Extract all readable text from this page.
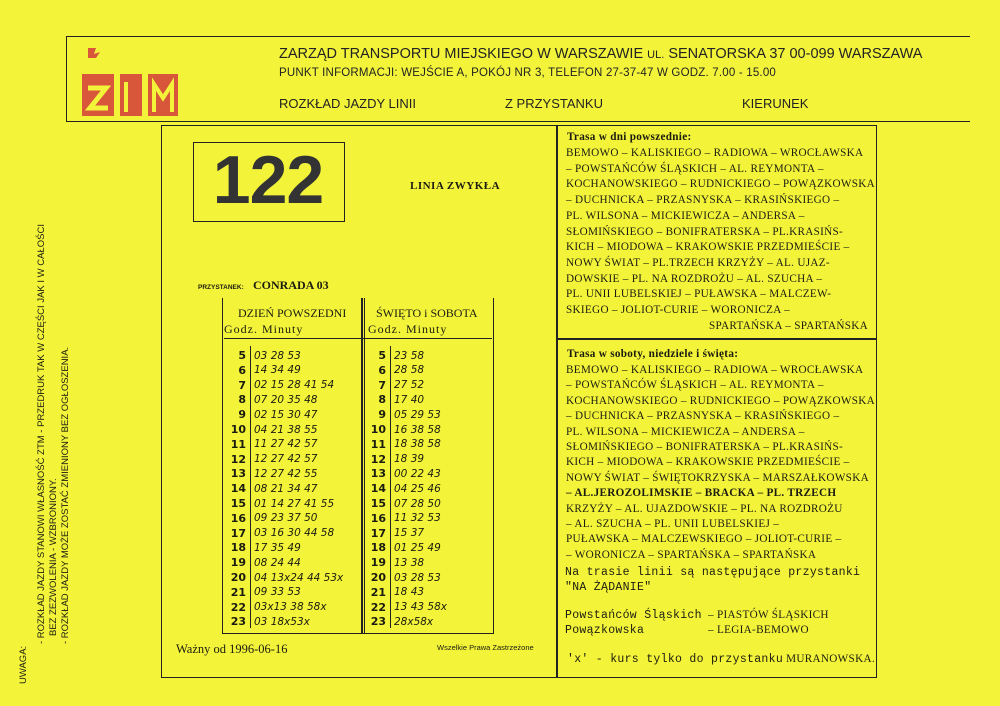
ZARZĄD TRANSPORTU MIEJSKIEGO W WARSZAWIE UL. SENATORSKA 37 00-099 WARSZAWA
PUNKT INFORMACJI: WEJŚCIE A, POKÓJ NR 3, TELEFON 27-37-47 W GODZ. 7.00 - 15.00
ROZKŁAD JAZDY LINII	Z PRZYSTANKU	KIERUNEK
122	LINIA ZWYKŁA
PRZYSTANEK: CONRADA 03
DZIEŃ POWSZEDNI
Godz. Minuty
ŚWIĘTO i SOBOTA
Godz. Minuty
5 03 28 53
6 14 34 49
7 02 15 28 41 54
8 07 20 35 48
9 02 15 30 47
10 04 21 38 55
11 11 27 42 57
12 12 27 42 57
13 12 27 42 55
14 08 21 34 47
15 01 14 27 41 55
16 09 23 37 50
17 03 16 30 44 58
18 17 35 49
19 08 24 44
20 04 13x24 44 53x
21 09 33 53
22 03x13 38 58x
23 03 18x53x
5 23 58
6 28 58
7 27 52
8 17 40
9 05 29 53
10 16 38 58
11 18 38 58
12 18 39
13 00 22 43
14 04 25 46
15 07 28 50
16 11 32 53
17 15 37
18 01 25 49
19 13 38
20 03 28 53
21 18 43
22 13 43 58x
23 28x58x
Ważny od 1996-06-16	Wszelkie Prawa Zastrzeżone
Trasa w dni powszednie:
BEMOWO – KALISKIEGO – RADIOWA – WROCŁAWSKA
– POWSTAŃCÓW ŚLĄSKICH – AL. REYMONTA –
KOCHANOWSKIEGO – RUDNICKIEGO – POWĄZKOWSKA
– DUCHNICKA – PRZASNYSKA – KRASIŃSKIEGO –
PL. WILSONA – MICKIEWICZA – ANDERSA –
SŁOMIŃSKIEGO – BONIFRATERSKA – PL.KRASIŃS-
KICH – MIODOWA – KRAKOWSKIE PRZEDMIEŚCIE –
NOWY ŚWIAT – PL.TRZECH KRZYŻY – AL. UJAZ-
DOWSKIE – PL. NA ROZDROŻU – AL. SZUCHA –
PL. UNII LUBELSKIEJ – PUŁAWSKA – MALCZEW-
SKIEGO – JOLIOT-CURIE – WORONICZA –
SPARTAŃSKA – SPARTAŃSKA
Trasa w soboty, niedziele i święta:
BEMOWO – KALISKIEGO – RADIOWA – WROCŁAWSKA
– POWSTAŃCÓW ŚLĄSKICH – AL. REYMONTA –
KOCHANOWSKIEGO – RUDNICKIEGO – POWĄZKOWSKA
– DUCHNICKA – PRZASNYSKA – KRASIŃSKIEGO –
PL. WILSONA – MICKIEWICZA – ANDERSA –
SŁOMIŃSKIEGO – BONIFRATERSKA – PL.KRASIŃS-
KICH – MIODOWA – KRAKOWSKIE PRZEDMIEŚCIE –
NOWY ŚWIAT – ŚWIĘTOKRZYSKA – MARSZAŁKOWSKA
– AL.JEROZOLIMSKIE – BRACKA – PL. TRZECH
KRZYŻY – AL. UJAZDOWSKIE – PL. NA ROZDROŻU
– AL. SZUCHA – PL. UNII LUBELSKIEJ –
PUŁAWSKA – MALCZEWSKIEGO – JOLIOT-CURIE –
– WORONICZA – SPARTAŃSKA – SPARTAŃSKA
Na trasie linii są następujące przystanki
"NA ŻĄDANIE"
Powstańców Śląskich – PIASTÓW ŚLĄSKICH
Powązkowska	– LEGIA-BEMOWO
'x' - kurs tylko do przystanku MURANOWSKA.
UWAGA:
- ROZKŁAD JAZDY STANOWI WŁASNOŚĆ ZTM - PRZEDRUK TAK W CZĘŚCI JAK I W CAŁOŚCI BEZ ZEZWOLENIA - WZBRONIONY. - ROZKŁAD JAZDY MOŻE ZOSTAĆ ZMIENIONY BEZ OGŁOSZENIA.
